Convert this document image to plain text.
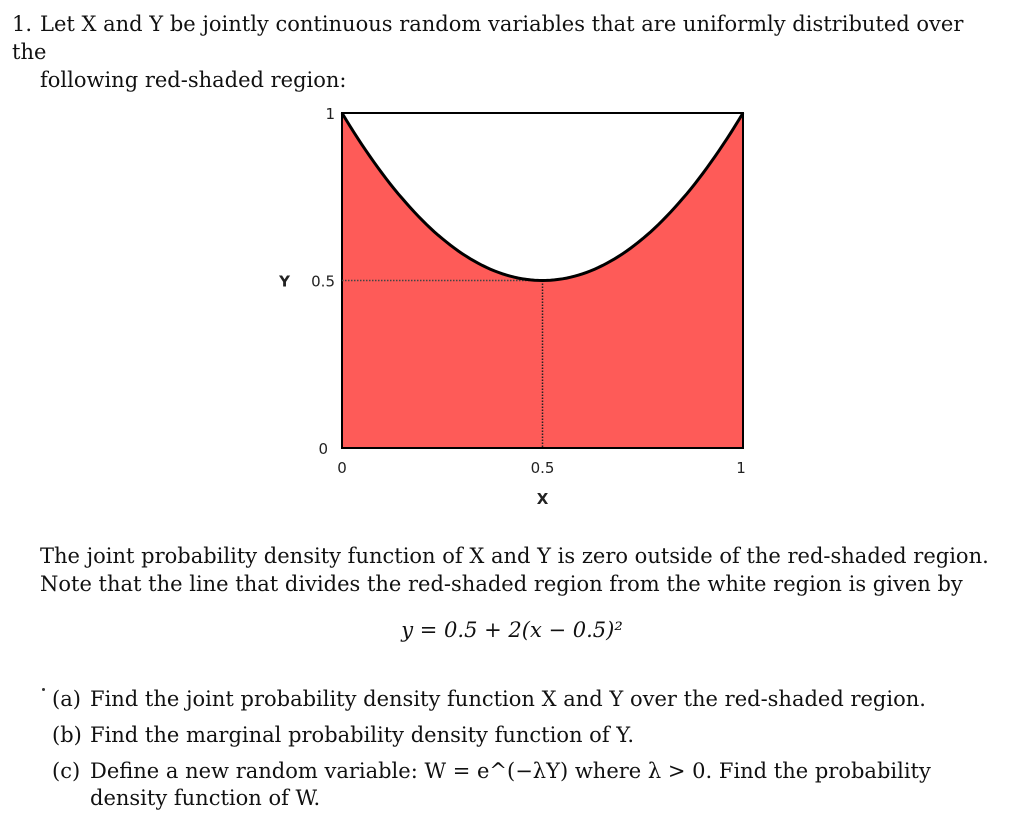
1. Let X and Y be jointly continuous random variables that are uniformly distributed over the

following red-shaded region:

1
0.5
0
Y
0	0.5	1
X

The joint probability density function of X and Y is zero outside of the red-shaded region.

Note that the line that divides the red-shaded region from the white region is given by

y = 0.5 + 2(x − 0.5)²

(a) Find the joint probability density function X and Y over the red-shaded region.

(b) Find the marginal probability density function of Y.

(c) Define a new random variable: W = e^(−λY) where λ > 0. Find the probability density function of W.
